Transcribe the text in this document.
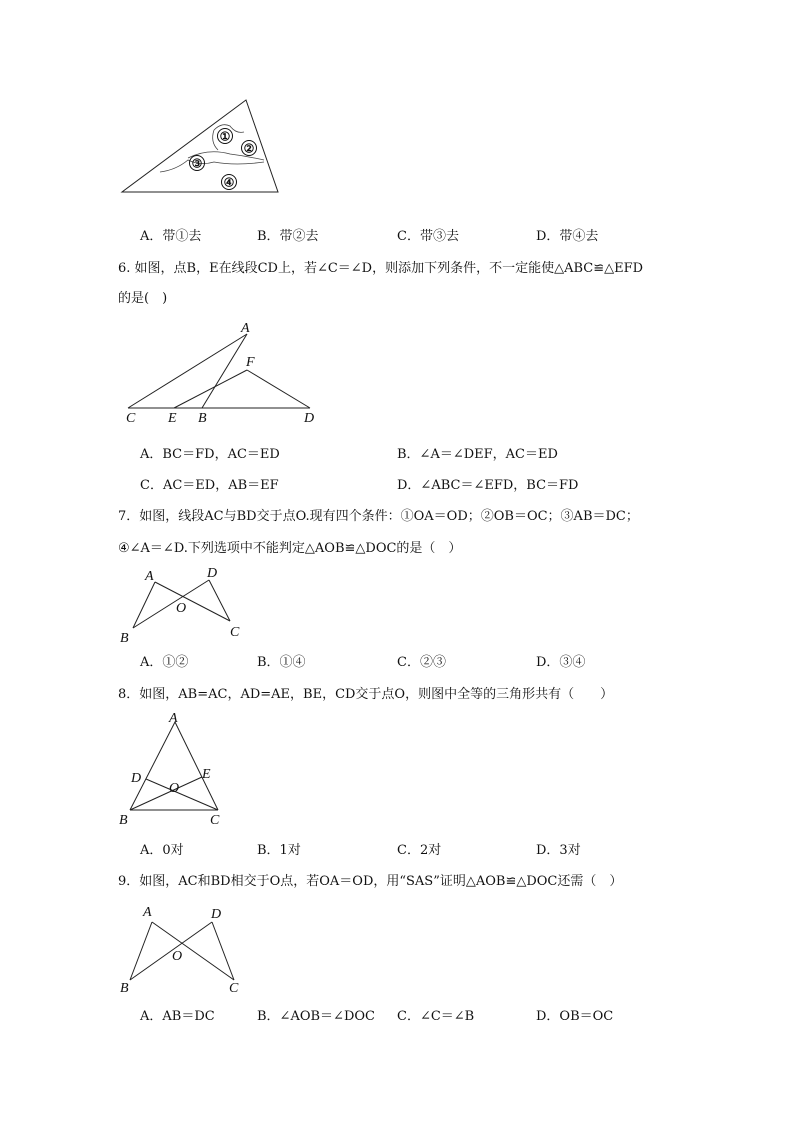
①
②
③
④
A．带①去	B．带②去	C．带③去	D．带④去
6. 如图，点B，E在线段CD上，若∠C＝∠D，则添加下列条件，不一定能使△ABC≌△EFD
的是(　)
A
F
C E B	D
A．BC＝FD，AC＝ED	B．∠A＝∠DEF，AC＝ED
C．AC＝ED，AB＝EF	D．∠ABC＝∠EFD，BC＝FD
7．如图，线段AC与BD交于点O.现有四个条件：①OA＝OD；②OB＝OC；③AB＝DC；
④∠A＝∠D.下列选项中不能判定△AOB≌△DOC的是（　）
A	D
O
B	C
A．①②	B．①④	C．②③	D．③④
8．如图，AB=AC，AD=AE，BE，CD交于点O，则图中全等的三角形共有（　　）
A
D	E
O
B	C
A．0对	B．1对	C．2对	D．3对
9．如图，AC和BD相交于O点，若OA＝OD，用“SAS”证明△AOB≌△DOC还需（　）
A	D
O
B	C
A．AB＝DC	B．∠AOB＝∠DOC C．∠C＝∠B	D．OB＝OC
